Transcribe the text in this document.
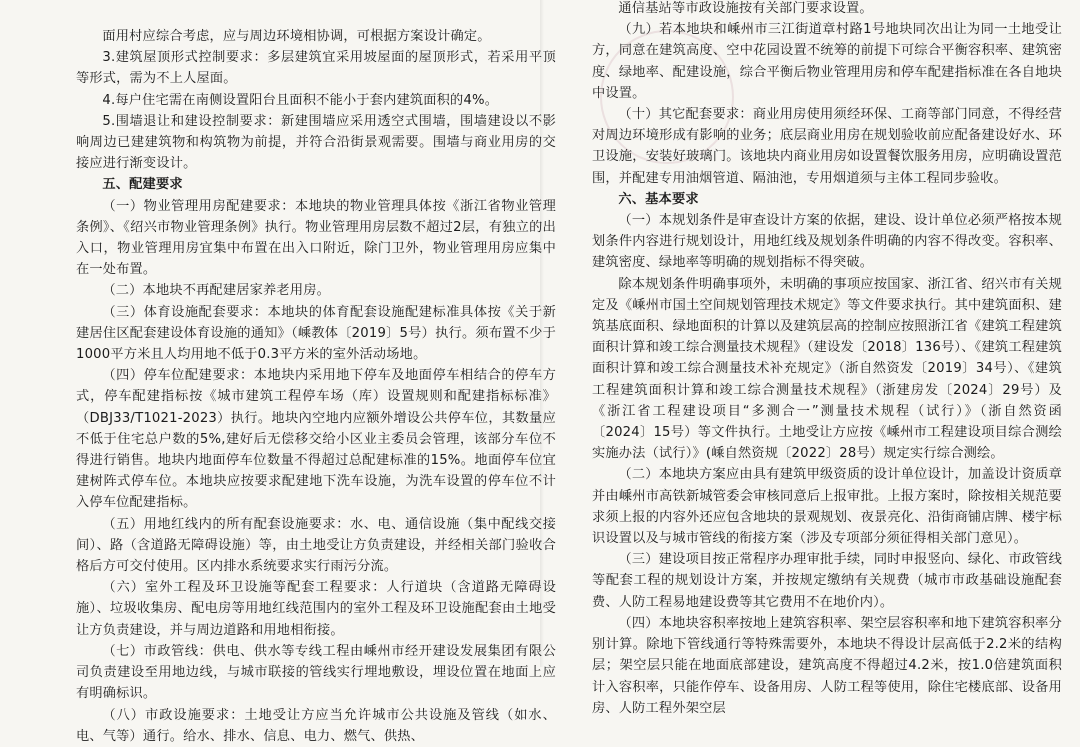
面用村应综合考虑，应与周边环境相协调，可根据方案设计确定。

3.建筑屋顶形式控制要求：多层建筑宜采用坡屋面的屋顶形式，若采用平顶等形式，需为不上人屋面。

4.每户住宅需在南侧设置阳台且面积不能小于套内建筑面积的4%。

5.围墙退让和建设控制要求：新建围墙应采用透空式围墙，围墙建设以不影响周边已建建筑物和构筑物为前提，并符合沿街景观需要。围墙与商业用房的交接应进行渐变设计。

五、配建要求

（一）物业管理用房配建要求：本地块的物业管理具体按《浙江省物业管理条例》、《绍兴市物业管理条例》执行。物业管理用房层数不超过2层，有独立的出入口，物业管理用房宜集中布置在出入口附近，除门卫外，物业管理用房应集中在一处布置。

（二）本地块不再配建居家养老用房。

（三）体育设施配套要求：本地块的体育配套设施配建标准具体按《关于新建居住区配套建设体育设施的通知》（嵊教体〔2019〕5号）执行。须布置不少于1000平方米且人均用地不低于0.3平方米的室外活动场地。

（四）停车位配建要求：本地块内采用地下停车及地面停车相结合的停车方式，停车配建指标按《城市建筑工程停车场（库）设置规则和配建指标标准》（DBJ33/T1021-2023）执行。地块內空地内应额外增设公共停车位，其数量应不低于住宅总户数的5%,建好后无偿移交给小区业主委员会管理，该部分车位不得进行销售。地块内地面停车位数量不得超过总配建标准的15%。地面停车位宜建树阵式停车位。本地块应按要求配建地下洗车设施，为洗车设置的停车位不计入停车位配建指标。

（五）用地红线内的所有配套设施要求：水、电、通信设施（集中配线交接间）、路（含道路无障碍设施）等，由土地受让方负责建设，并经相关部门验收合格后方可交付使用。区内排水系统要求实行雨污分流。

（六）室外工程及环卫设施等配套工程要求：人行道块（含道路无障碍设施）、垃圾收集房、配电房等用地红线范围内的室外工程及环卫设施配套由土地受让方负责建设，并与周边道路和用地相衔接。

（七）市政管线：供电、供水等专线工程由嵊州市经开建设发展集团有限公司负责建设至用地边线，与城市联接的管线实行埋地敷设，埋设位置在地面上应有明确标识。

（八）市政设施要求：土地受让方应当允许城市公共设施及管线（如水、电、气等）通行。给水、排水、信息、电力、燃气、供热、

通信基站等市政设施按有关部门要求设置。

（九）若本地块和嵊州市三江街道章村路1号地块同次出让为同一土地受让方，同意在建筑高度、空中花园设置不统筹的前提下可综合平衡容积率、建筑密度、绿地率、配建设施，综合平衡后物业管理用房和停车配建指标准在各自地块中设置。

（十）其它配套要求：商业用房使用须经环保、工商等部门同意，不得经营对周边环境形成有影响的业务；底层商业用房在规划验收前应配备建设好水、环卫设施，安装好玻璃门。该地块内商业用房如设置餐饮服务用房，应明确设置范围，并配建专用油烟管道、隔油池，专用烟道须与主体工程同步验收。

六、基本要求

（一）本规划条件是审查设计方案的依据，建设、设计单位必须严格按本规划条件内容进行规划设计，用地红线及规划条件明确的内容不得改变。容积率、建筑密度、绿地率等明确的规划指标不得突破。

除本规划条件明确事项外，未明确的事项应按国家、浙江省、绍兴市有关规定及《嵊州市国土空间规划管理技术规定》等文件要求执行。其中建筑面积、建筑基底面积、绿地面积的计算以及建筑层高的控制应按照浙江省《建筑工程建筑面积计算和竣工综合测量技术规程》（建设发〔2018〕136号）、《建筑工程建筑面积计算和竣工综合测量技术补充规定》（浙自然资发〔2019〕34号）、《建筑工程建筑面积计算和竣工综合测量技术规程》（浙建房发〔2024〕29号）及《浙江省工程建设项目“多测合一”测量技术规程（试行）》（浙自然资函〔2024〕15号）等文件执行。土地受让方应按《嵊州市工程建设项目综合测绘实施办法（试行）》(嵊自然资规〔2022〕28号）规定实行综合测绘。

（二）本地块方案应由具有建筑甲级资质的设计单位设计，加盖设计资质章并由嵊州市高铁新城管委会审核同意后上报审批。上报方案时，除按相关规范要求须上报的内容外还应包含地块的景观规划、夜景亮化、沿街商铺店牌、楼宇标识设置以及与城市管线的衔接方案（涉及专项部分须征得相关部门意见）。

（三）建设项目按正常程序办理审批手续，同时申报竖向、绿化、市政管线等配套工程的规划设计方案，并按规定缴纳有关规费（城市市政基础设施配套费、人防工程易地建设费等其它费用不在地价内）。

（四）本地块容积率按地上建筑容积率、架空层容积率和地下建筑容积率分别计算。除地下管线通行等特殊需要外，本地块不得设计层高低于2.2米的结构层；架空层只能在地面底部建设，建筑高度不得超过4.2米，按1.0倍建筑面积计入容积率，只能作停车、设备用房、人防工程等使用，除住宅楼底部、设备用房、人防工程外架空层
